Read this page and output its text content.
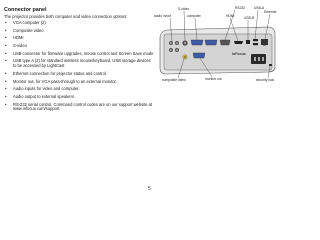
Connector panel
The projector provides both computer and video connection options:
• VGA computer (2)
• Composite video
• HDMI
• S-video
• USB connector for firmware upgrades, mouse control and Screen Save mode
• USB type A (2) for standard wireless mouse/keyboard, USB storage devices to be accessed by LightCast
• Ethernet connection for projector status and control.
• Monitor out, for VGA pass-through to an external monitor.
• Audio inputs for video and computer.
• Audio output to external speakers.
• RS-232 serial control. Command control codes are on our support website at www.infocus.com/support.
InFocus
audio in/out
S-video
computer
RS232
HDMI
USB-A
USB-B
Ethernet
composite video	monitor out	security lock
5
